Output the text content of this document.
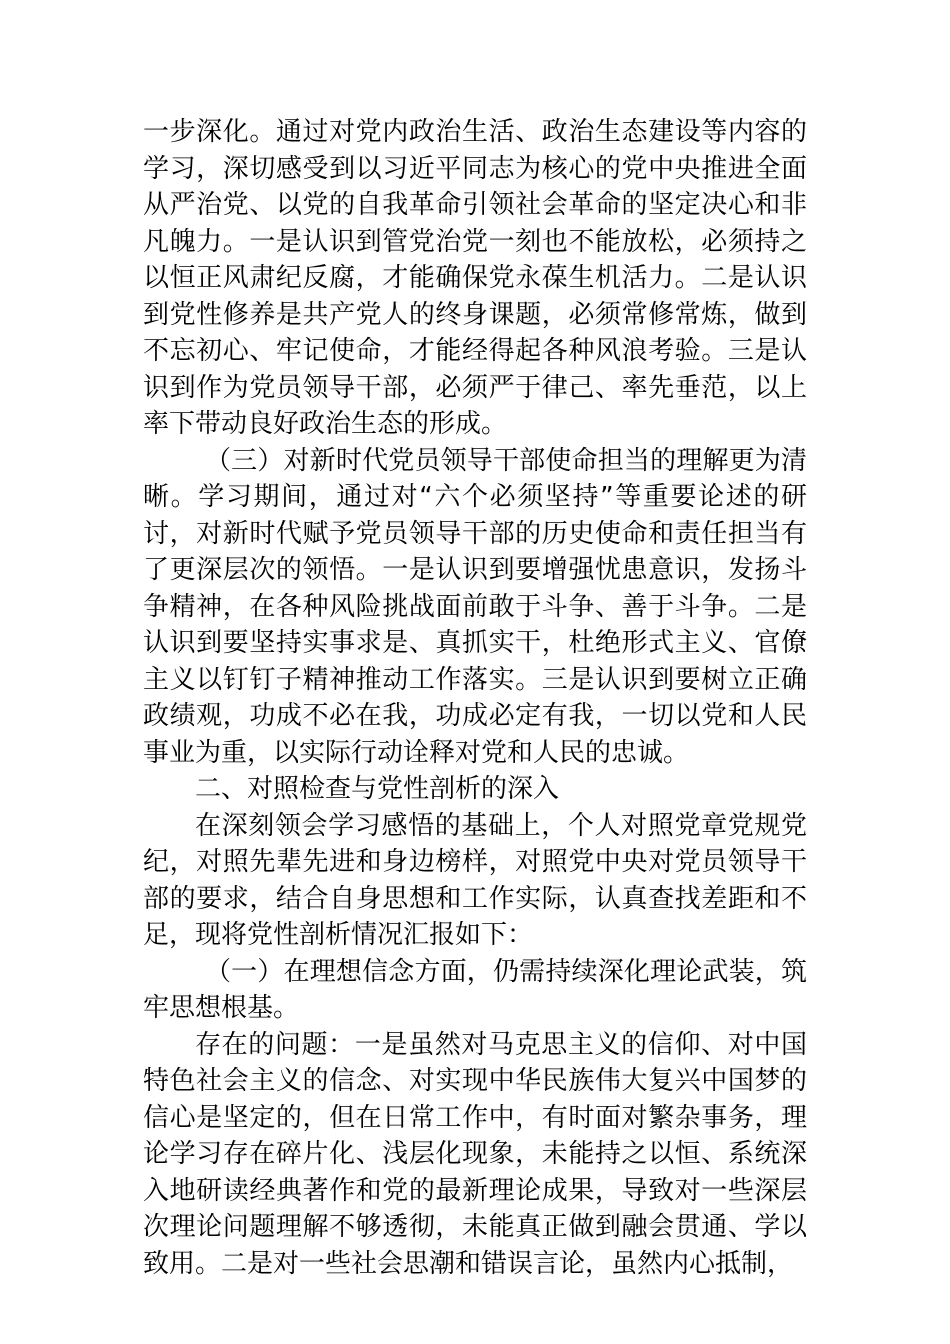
一步深化。通过对党内政治生活、政治生态建设等内容的学习，深切感受到以习近平同志为核心的党中央推进全面从严治党、以党的自我革命引领社会革命的坚定决心和非凡魄力。一是认识到管党治党一刻也不能放松，必须持之以恒正风肃纪反腐，才能确保党永葆生机活力。二是认识到党性修养是共产党人的终身课题，必须常修常炼，做到不忘初心、牢记使命，才能经得起各种风浪考验。三是认识到作为党员领导干部，必须严于律己、率先垂范，以上率下带动良好政治生态的形成。

（三）对新时代党员领导干部使命担当的理解更为清晰。学习期间，通过对“六个必须坚持”等重要论述的研讨，对新时代赋予党员领导干部的历史使命和责任担当有了更深层次的领悟。一是认识到要增强忧患意识，发扬斗争精神，在各种风险挑战面前敢于斗争、善于斗争。二是认识到要坚持实事求是、真抓实干，杜绝形式主义、官僚主义以钉钉子精神推动工作落实。三是认识到要树立正确政绩观，功成不必在我，功成必定有我，一切以党和人民事业为重，以实际行动诠释对党和人民的忠诚。

二、对照检查与党性剖析的深入

在深刻领会学习感悟的基础上，个人对照党章党规党纪，对照先辈先进和身边榜样，对照党中央对党员领导干部的要求，结合自身思想和工作实际，认真查找差距和不足，现将党性剖析情况汇报如下：

（一）在理想信念方面，仍需持续深化理论武装，筑牢思想根基。

存在的问题：一是虽然对马克思主义的信仰、对中国特色社会主义的信念、对实现中华民族伟大复兴中国梦的信心是坚定的，但在日常工作中，有时面对繁杂事务，理论学习存在碎片化、浅层化现象，未能持之以恒、系统深入地研读经典著作和党的最新理论成果，导致对一些深层次理论问题理解不够透彻，未能真正做到融会贯通、学以致用。二是对一些社会思潮和错误言论，虽然内心抵制，
